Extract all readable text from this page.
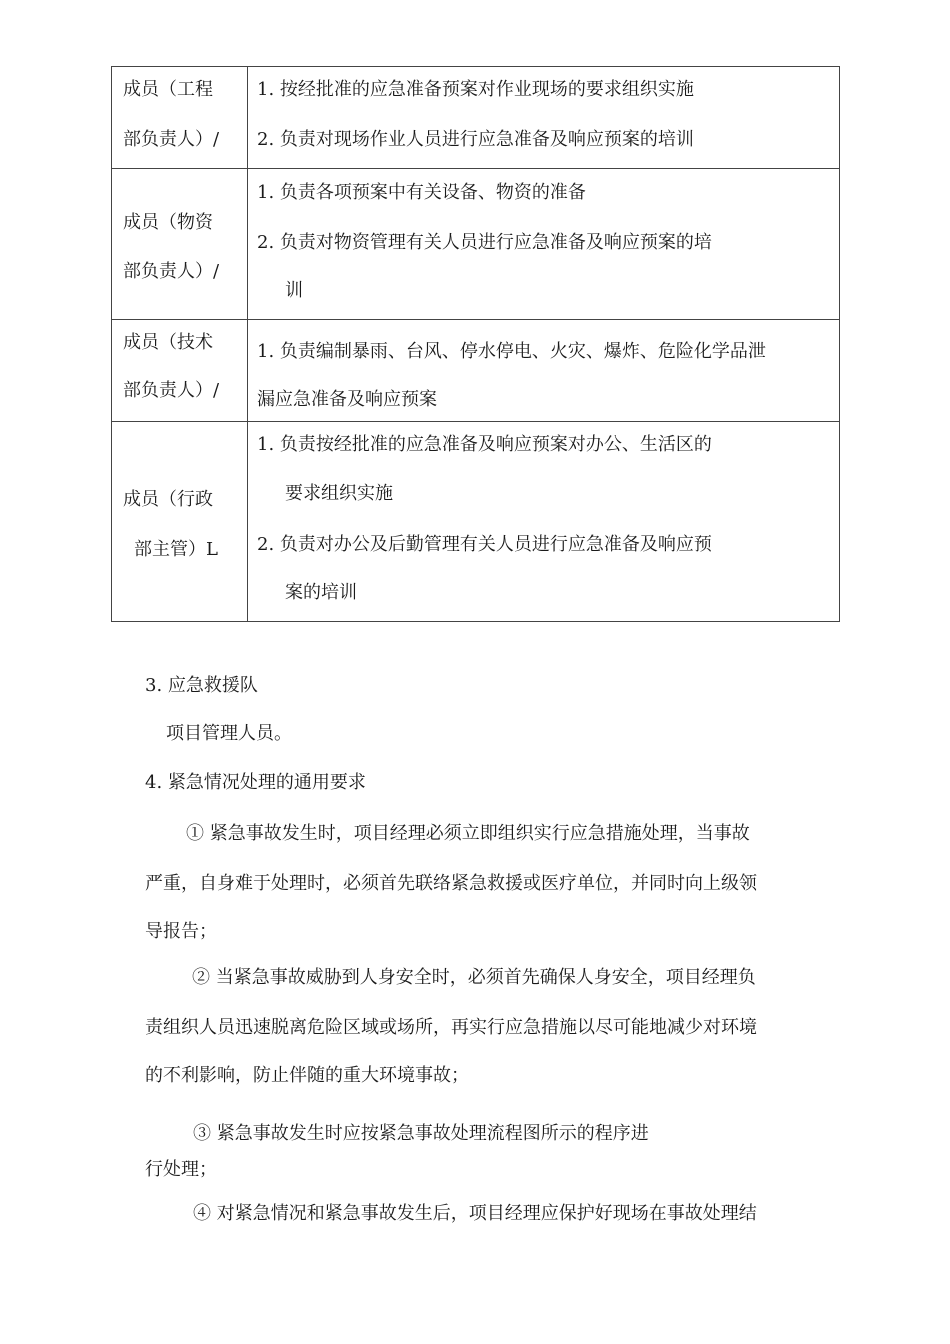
成员（工程
部负责人）/	1. 按经批准的应急准备预案对作业现场的要求组织实施
2. 负责对现场作业人员进行应急准备及响应预案的培训

成员（物资
部负责人）/	1. 负责各项预案中有关设备、物资的准备
2. 负责对物资管理有关人员进行应急准备及响应预案的培
训

成员（技术
部负责人）/	1. 负责编制暴雨、台风、停水停电、火灾、爆炸、危险化学品泄
漏应急准备及响应预案

成员（行政
部主管）L	1. 负责按经批准的应急准备及响应预案对办公、生活区的
要求组织实施
2. 负责对办公及后勤管理有关人员进行应急准备及响应预
案的培训
3. 应急救援队
项目管理人员。
4. 紧急情况处理的通用要求
① 紧急事故发生时，项目经理必须立即组织实行应急措施处理，当事故
严重，自身难于处理时，必须首先联络紧急救援或医疗单位，并同时向上级领
导报告；
② 当紧急事故威胁到人身安全时，必须首先确保人身安全，项目经理负
责组织人员迅速脱离危险区域或场所，再实行应急措施以尽可能地减少对环境
的不利影响，防止伴随的重大环境事故；
③ 紧急事故发生时应按紧急事故处理流程图所示的程序进
行处理；
④ 对紧急情况和紧急事故发生后，项目经理应保护好现场在事故处理结
